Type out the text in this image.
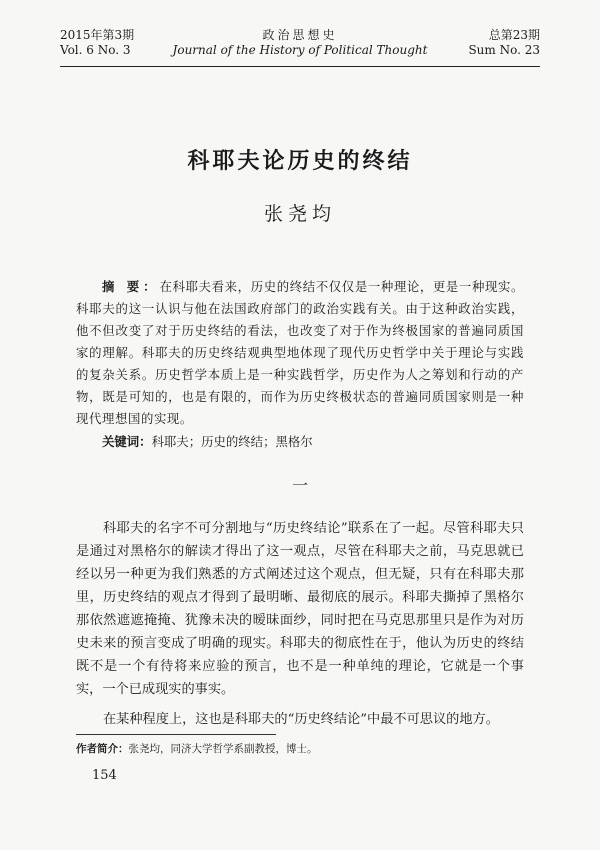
2015年第3期
Vol. 6 No. 3
政治思想史
Journal of the History of Political Thought
总第23期
Sum No. 23
科耶夫论历史的终结
张尧均
摘 要：在科耶夫看来，历史的终结不仅仅是一种理论，更是一种现实。科耶夫的这一认识与他在法国政府部门的政治实践有关。由于这种政治实践，他不但改变了对于历史终结的看法，也改变了对于作为终极国家的普遍同质国家的理解。科耶夫的历史终结观典型地体现了现代历史哲学中关于理论与实践的复杂关系。历史哲学本质上是一种实践哲学，历史作为人之筹划和行动的产物，既是可知的，也是有限的，而作为历史终极状态的普遍同质国家则是一种现代理想国的实现。
关键词：科耶夫；历史的终结；黑格尔
一

科耶夫的名字不可分割地与“历史终结论”联系在了一起。尽管科耶夫只是通过对黑格尔的解读才得出了这一观点，尽管在科耶夫之前，马克思就已经以另一种更为我们熟悉的方式阐述过这个观点，但无疑，只有在科耶夫那里，历史终结的观点才得到了最明晰、最彻底的展示。科耶夫撕掉了黑格尔那依然遮遮掩掩、犹豫未决的暧昧面纱，同时把在马克思那里只是作为对历史未来的预言变成了明确的现实。科耶夫的彻底性在于，他认为历史的终结既不是一个有待将来应验的预言，也不是一种单纯的理论，它就是一个事实，一个已成现实的事实。

在某种程度上，这也是科耶夫的“历史终结论”中最不可思议的地方。

作者简介：张尧均，同济大学哲学系副教授，博士。
154
